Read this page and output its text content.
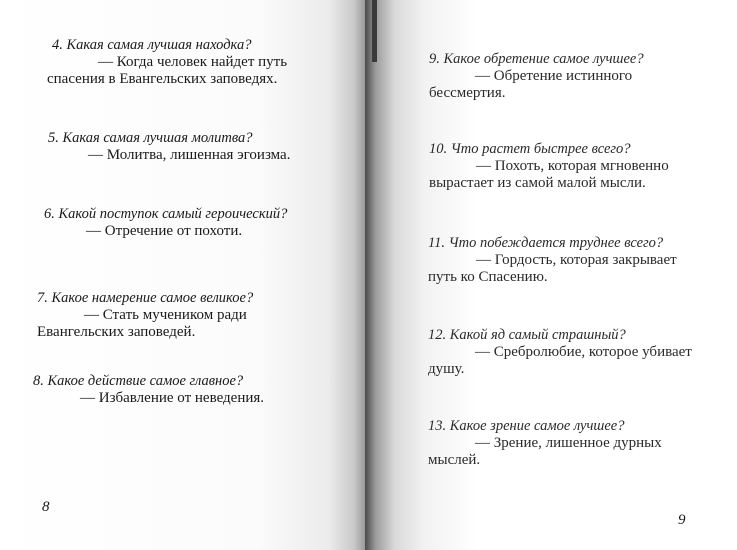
4. Какая самая лучшая находка?
— Когда человек найдет путь
спасения в Евангельских заповедях.
5. Какая самая лучшая молитва?
— Молитва, лишенная эгоизма.
6. Какой поступок самый героический?
— Отречение от похоти.
7. Какое намерение самое великое?
— Стать мучеником ради
Евангельских заповедей.
8. Какое действие самое главное?
— Избавление от неведения.
8
9. Какое обретение самое лучшее?
— Обретение истинного
бессмертия.
10. Что растет быстрее всего?
— Похоть, которая мгновенно
вырастает из самой малой мысли.
11. Что побеждается труднее всего?
— Гордость, которая закрывает
путь ко Спасению.
12. Какой яд самый страшный?
— Сребролюбие, которое убивает
душу.
13. Какое зрение самое лучшее?
— Зрение, лишенное дурных
мыслей.
9
